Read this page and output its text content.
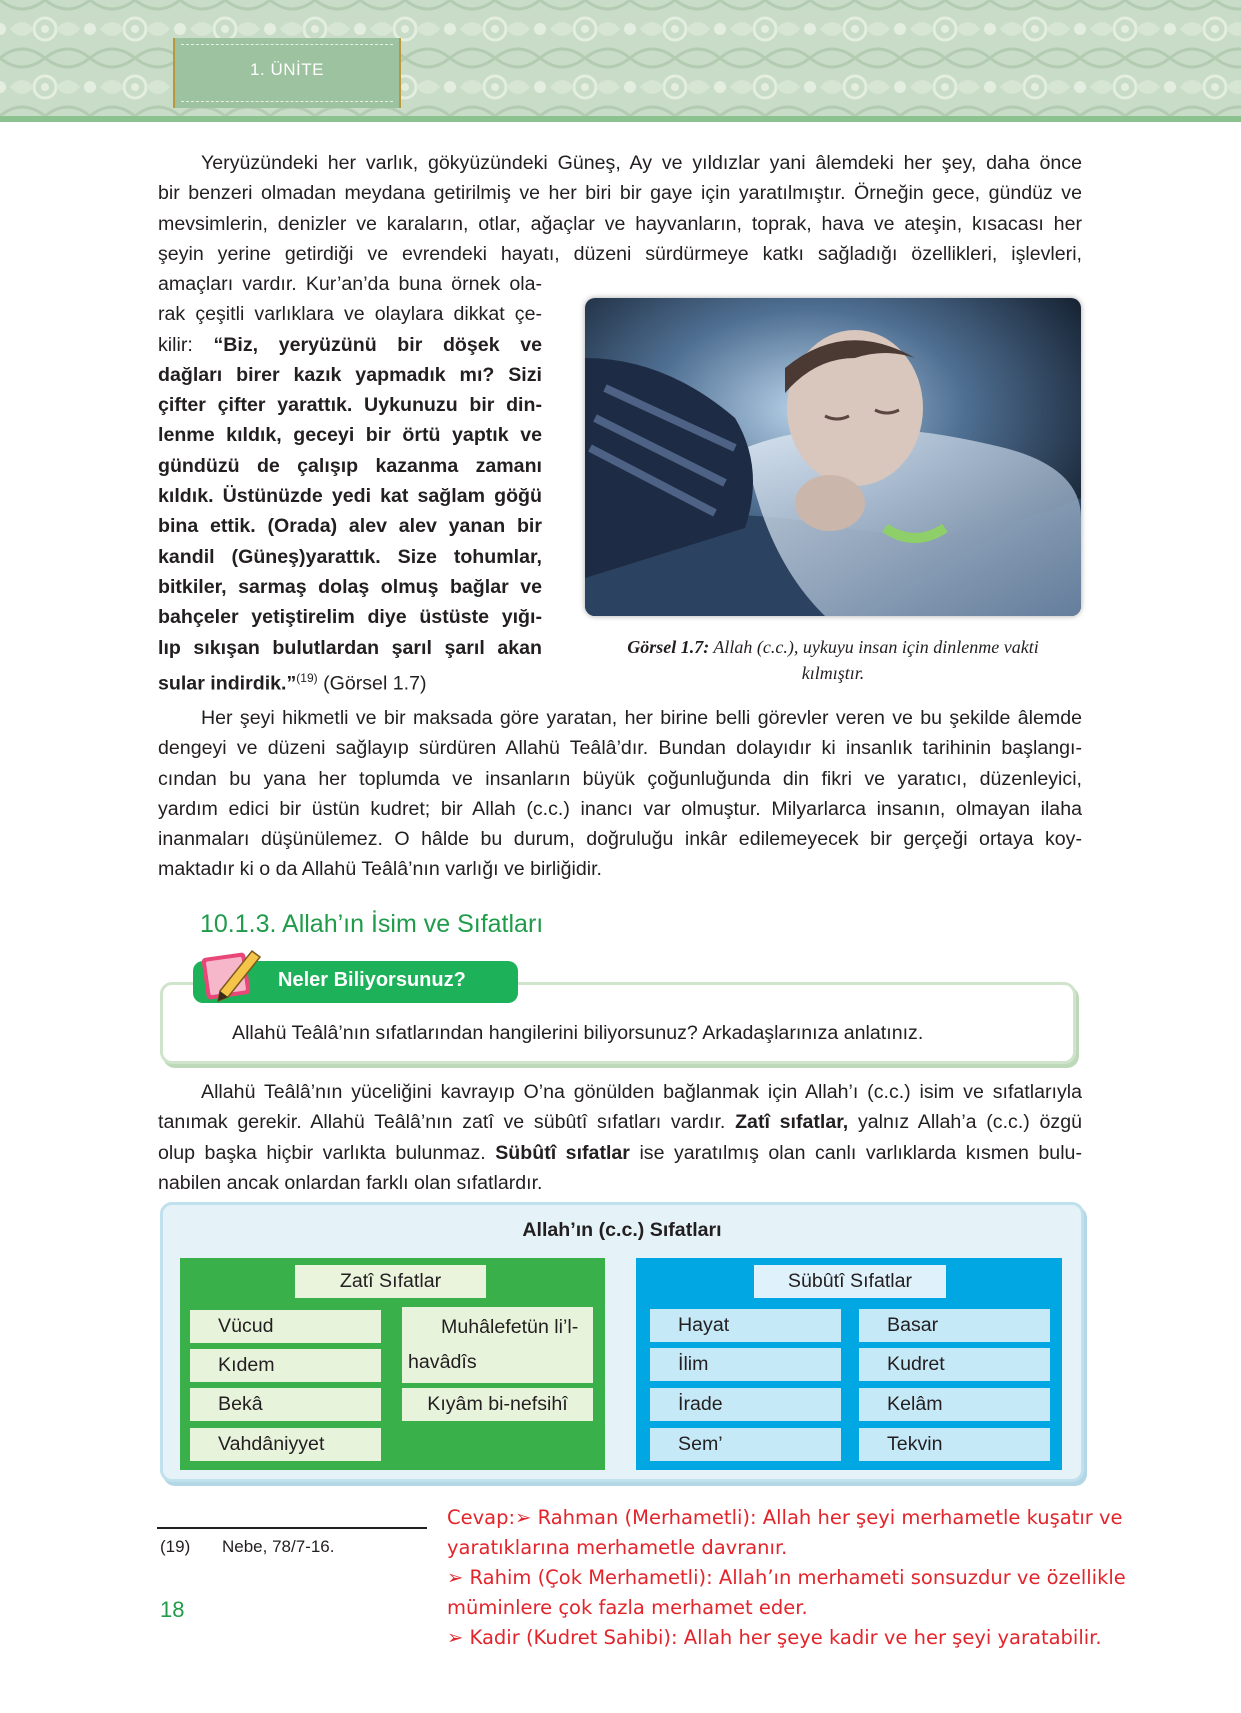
1. ÜNİTE
Yeryüzündeki her varlık, gökyüzündeki Güneş, Ay ve yıldızlar yani âlemdeki her şey, daha önce
bir benzeri olmadan meydana getirilmiş ve her biri bir gaye için yaratılmıştır. Örneğin gece, gündüz ve
mevsimlerin, denizler ve karaların, otlar, ağaçlar ve hayvanların, toprak, hava ve ateşin, kısacası her
şeyin yerine getirdiği ve evrendeki hayatı, düzeni sürdürmeye katkı sağladığı özellikleri, işlevleri,
amaçları vardır. Kur’an’da buna örnek ola-
rak çeşitli varlıklara ve olaylara dikkat çe-
kilir: “Biz, yeryüzünü bir döşek ve
dağları birer kazık yapmadık mı? Sizi
çifter çifter yarattık. Uykunuzu bir din-
lenme kıldık, geceyi bir örtü yaptık ve
gündüzü de çalışıp kazanma zamanı
kıldık. Üstünüzde yedi kat sağlam göğü
bina ettik. (Orada) alev alev yanan bir
kandil (Güneş)yarattık. Size tohumlar,
bitkiler, sarmaş dolaş olmuş bağlar ve
bahçeler yetiştirelim diye üstüste yığı-
lıp sıkışan bulutlardan şarıl şarıl akan
sular indirdik.”$^{(19)}$ (Görsel 1.7)
Görsel 1.7: Allah (c.c.), uykuyu insan için dinlenme vakti
kılmıştır.
Her şeyi hikmetli ve bir maksada göre yaratan, her birine belli görevler veren ve bu şekilde âlemde
dengeyi ve düzeni sağlayıp sürdüren Allahü Teâlâ’dır. Bundan dolayıdır ki insanlık tarihinin başlangı-
cından bu yana her toplumda ve insanların büyük çoğunluğunda din fikri ve yaratıcı, düzenleyici,
yardım edici bir üstün kudret; bir Allah (c.c.) inancı var olmuştur. Milyarlarca insanın, olmayan ilaha
inanmaları düşünülemez. O hâlde bu durum, doğruluğu inkâr edilemeyecek bir gerçeği ortaya koy-
maktadır ki o da Allahü Teâlâ’nın varlığı ve birliğidir.
10.1.3. Allah’ın İsim ve Sıfatları
Neler Biliyorsunuz?
Allahü Teâlâ’nın sıfatlarından hangilerini biliyorsunuz? Arkadaşlarınıza anlatınız.
Allahü Teâlâ’nın yüceliğini kavrayıp O’na gönülden bağlanmak için Allah’ı (c.c.) isim ve sıfatlarıyla
tanımak gerekir. Allahü Teâlâ’nın zatî ve sübûtî sıfatları vardır. Zatî sıfatlar, yalnız Allah’a (c.c.) özgü
olup başka hiçbir varlıkta bulunmaz. Sübûtî sıfatlar ise yaratılmış olan canlı varlıklarda kısmen bulu-
nabilen ancak onlardan farklı olan sıfatlardır.
Allah’ın (c.c.) Sıfatları
Zatî Sıfatlar
Vücud
Kıdem
Bekâ
Vahdâniyyet
Muhâlefetün li’l-
havâdîs
Kıyâm bi-nefsihî
Sübûtî Sıfatlar
Hayat
İlim
İrade
Sem’
Basar
Kudret
Kelâm
Tekvin
(19) Nebe, 78/7-16.
18
Cevap:➢ Rahman (Merhametli): Allah her şeyi merhametle kuşatır ve
yaratıklarına merhametle davranır.
➢ Rahim (Çok Merhametli): Allah’ın merhameti sonsuzdur ve özellikle
müminlere çok fazla merhamet eder.
➢ Kadir (Kudret Sahibi): Allah her şeye kadir ve her şeyi yaratabilir.
